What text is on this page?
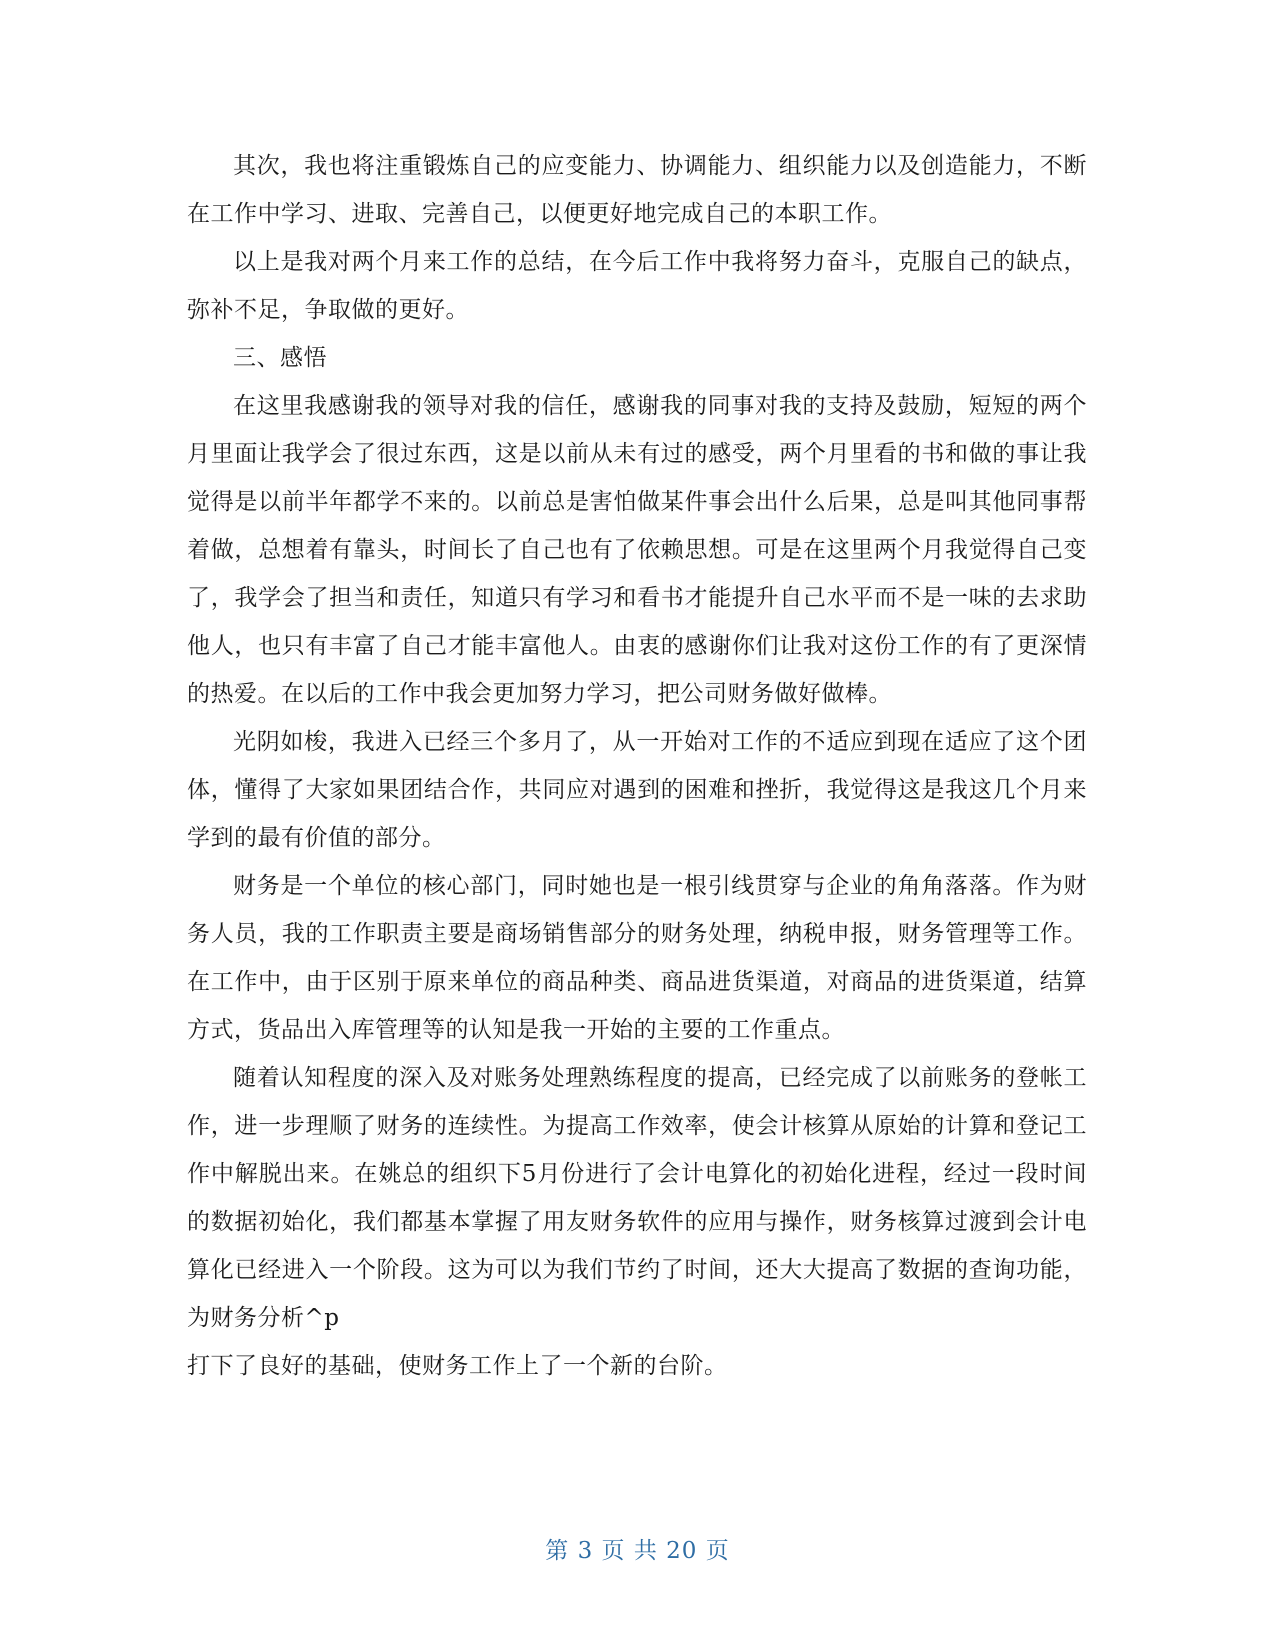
其次，我也将注重锻炼自己的应变能力、协调能力、组织能力以及创造能力，不断在工作中学习、进取、完善自己，以便更好地完成自己的本职工作。

以上是我对两个月来工作的总结，在今后工作中我将努力奋斗，克服自己的缺点，弥补不足，争取做的更好。

三、感悟

在这里我感谢我的领导对我的信任，感谢我的同事对我的支持及鼓励，短短的两个月里面让我学会了很过东西，这是以前从未有过的感受，两个月里看的书和做的事让我觉得是以前半年都学不来的。以前总是害怕做某件事会出什么后果，总是叫其他同事帮着做，总想着有靠头，时间长了自己也有了依赖思想。可是在这里两个月我觉得自己变了，我学会了担当和责任，知道只有学习和看书才能提升自己水平而不是一味的去求助他人，也只有丰富了自己才能丰富他人。由衷的感谢你们让我对这份工作的有了更深情的热爱。在以后的工作中我会更加努力学习，把公司财务做好做棒。

光阴如梭，我进入已经三个多月了，从一开始对工作的不适应到现在适应了这个团体，懂得了大家如果团结合作，共同应对遇到的困难和挫折，我觉得这是我这几个月来学到的最有价值的部分。

财务是一个单位的核心部门，同时她也是一根引线贯穿与企业的角角落落。作为财务人员，我的工作职责主要是商场销售部分的财务处理，纳税申报，财务管理等工作。在工作中，由于区别于原来单位的商品种类、商品进货渠道，对商品的进货渠道，结算方式，货品出入库管理等的认知是我一开始的主要的工作重点。

随着认知程度的深入及对账务处理熟练程度的提高，已经完成了以前账务的登帐工作，进一步理顺了财务的连续性。为提高工作效率，使会计核算从原始的计算和登记工作中解脱出来。在姚总的组织下5月份进行了会计电算化的初始化进程，经过一段时间的数据初始化，我们都基本掌握了用友财务软件的应用与操作，财务核算过渡到会计电算化已经进入一个阶段。这为可以为我们节约了时间，还大大提高了数据的查询功能，为财务分析^p

打下了良好的基础，使财务工作上了一个新的台阶。

第 3 页 共 20 页
